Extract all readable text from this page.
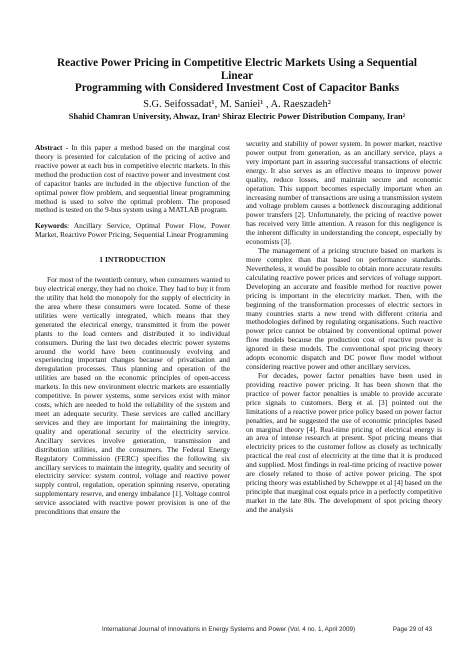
Reactive Power Pricing in Competitive Electric Markets Using a Sequential Linear
Programming with Considered Investment Cost of Capacitor Banks
S.G. Seifossadat¹, M. Saniei¹ , A. Raeszadeh²
Shahid Chamran University, Ahwaz, Iran¹ Shiraz Electric Power Distribution Company, Iran²

Abstract - In this paper a method based on the marginal cost theory is presented for calculation of the pricing of active and reactive power at each bus in competitive electric markets. In this method the production cost of reactive power and investment cost of capacitor banks are included in the objective function of the optimal power flow problem, and sequential linear programming method is used to solve the optimal problem. The proposed method is tested on the 9-bus system using a MATLAB program.

Keywords: Ancillary Service, Optimal Power Flow, Power Market, Reactive Power Pricing, Sequential Linear Programming

1 INTRODUCTION

For most of the twentieth century, when consumers wanted to buy electrical energy, they had no choice. They had to buy it from the utility that held the monopoly for the supply of electricity in the area where these consumers were located. Some of these utilities were vertically integrated, which means that they generated the electrical energy, transmitted it from the power plants to the load centers and distributed it to individual consumers. During the last two decades electric power systems around the world have been continuously evolving and experiencing important changes because of privatisation and deregulation processes. Thus planning and operation of the utilities are based on the economic principles of open-access markets. In this new environment electric markets are essentially competitive. In power systems, some services exist with minor costs, which are needed to hold the reliability of the system and meet an adequate security. These services are called ancillary services and they are important for maintaining the integrity, quality and operational security of the electricity service. Ancillary services involve generation, transmission and distribution utilities, and the consumers. The Federal Energy Regulatory Commission (FERC) specifies the following six ancillary services to maintain the integrity, quality and security of electricity service: system control, voltage and reactive power supply control, regulation, operation spinning reserve, operating supplementary reserve, and energy imbalance [1]. Voltage control service associated with reactive power provision is one of the preconditions that ensure the

security and stability of power system. In power market, reactive power output from generation, as an ancillary service, plays a very important part in assuring successful transactions of electric energy. It also serves as an effective means to improve power quality, reduce losses, and maintain secure and economic operation. This support becomes especially important when an increasing number of transactions are using a transmission system and voltage problem causes a bottleneck discouraging additional power transfers [2]. Unfortunately, the pricing of reactive power has received very little attention. A reason for this negligence is the inherent difficulty in understanding the concept, especially by economists [3].

The management of a pricing structure based on markets is more complex than that based on performance standards. Nevertheless, it would be possible to obtain more accurate results calculating reactive power prices and services of voltage support. Developing an accurate and feasible method for reactive power pricing is important in the electricity market. Then, with the beginning of the transformation processes of electric sectors in many countries starts a new trend with different criteria and methodologies defined by regulating organisations. Such reactive power price cannot be obtained by conventional optimal power flow models because the production cost of reactive power is ignored in these models. The conventional spot pricing theory adopts economic dispatch and DC power flow model without considering reactive power and other ancillary services.

For decades, power factor penalties have been used in providing reactive power pricing. It has been shown that the practice of power factor penalties is unable to provide accurate price signals to customers. Berg et al. [3] pointed out the limitations of a reactive power price policy based on power factor penalties, and he suggested the use of economic principles based on marginal theory [4]. Real-time pricing of electrical energy is an area of intense research at present. Spot pricing means that electricity prices to the customer follow as closely as technically practical the real cost of electricity at the time that it is produced and supplied. Most findings in real-time pricing of reactive power are closely related to those of active power pricing. The spot pricing theory was established by Schewppe et al [4] based on the principle that marginal cost equals price in a perfectly competitive market in the late 80s. The development of spot pricing theory and the analysis

International Journal of Innovations in Energy Systems and Power (Vol. 4 no. 1, April 2009)	Page 29 of 43
